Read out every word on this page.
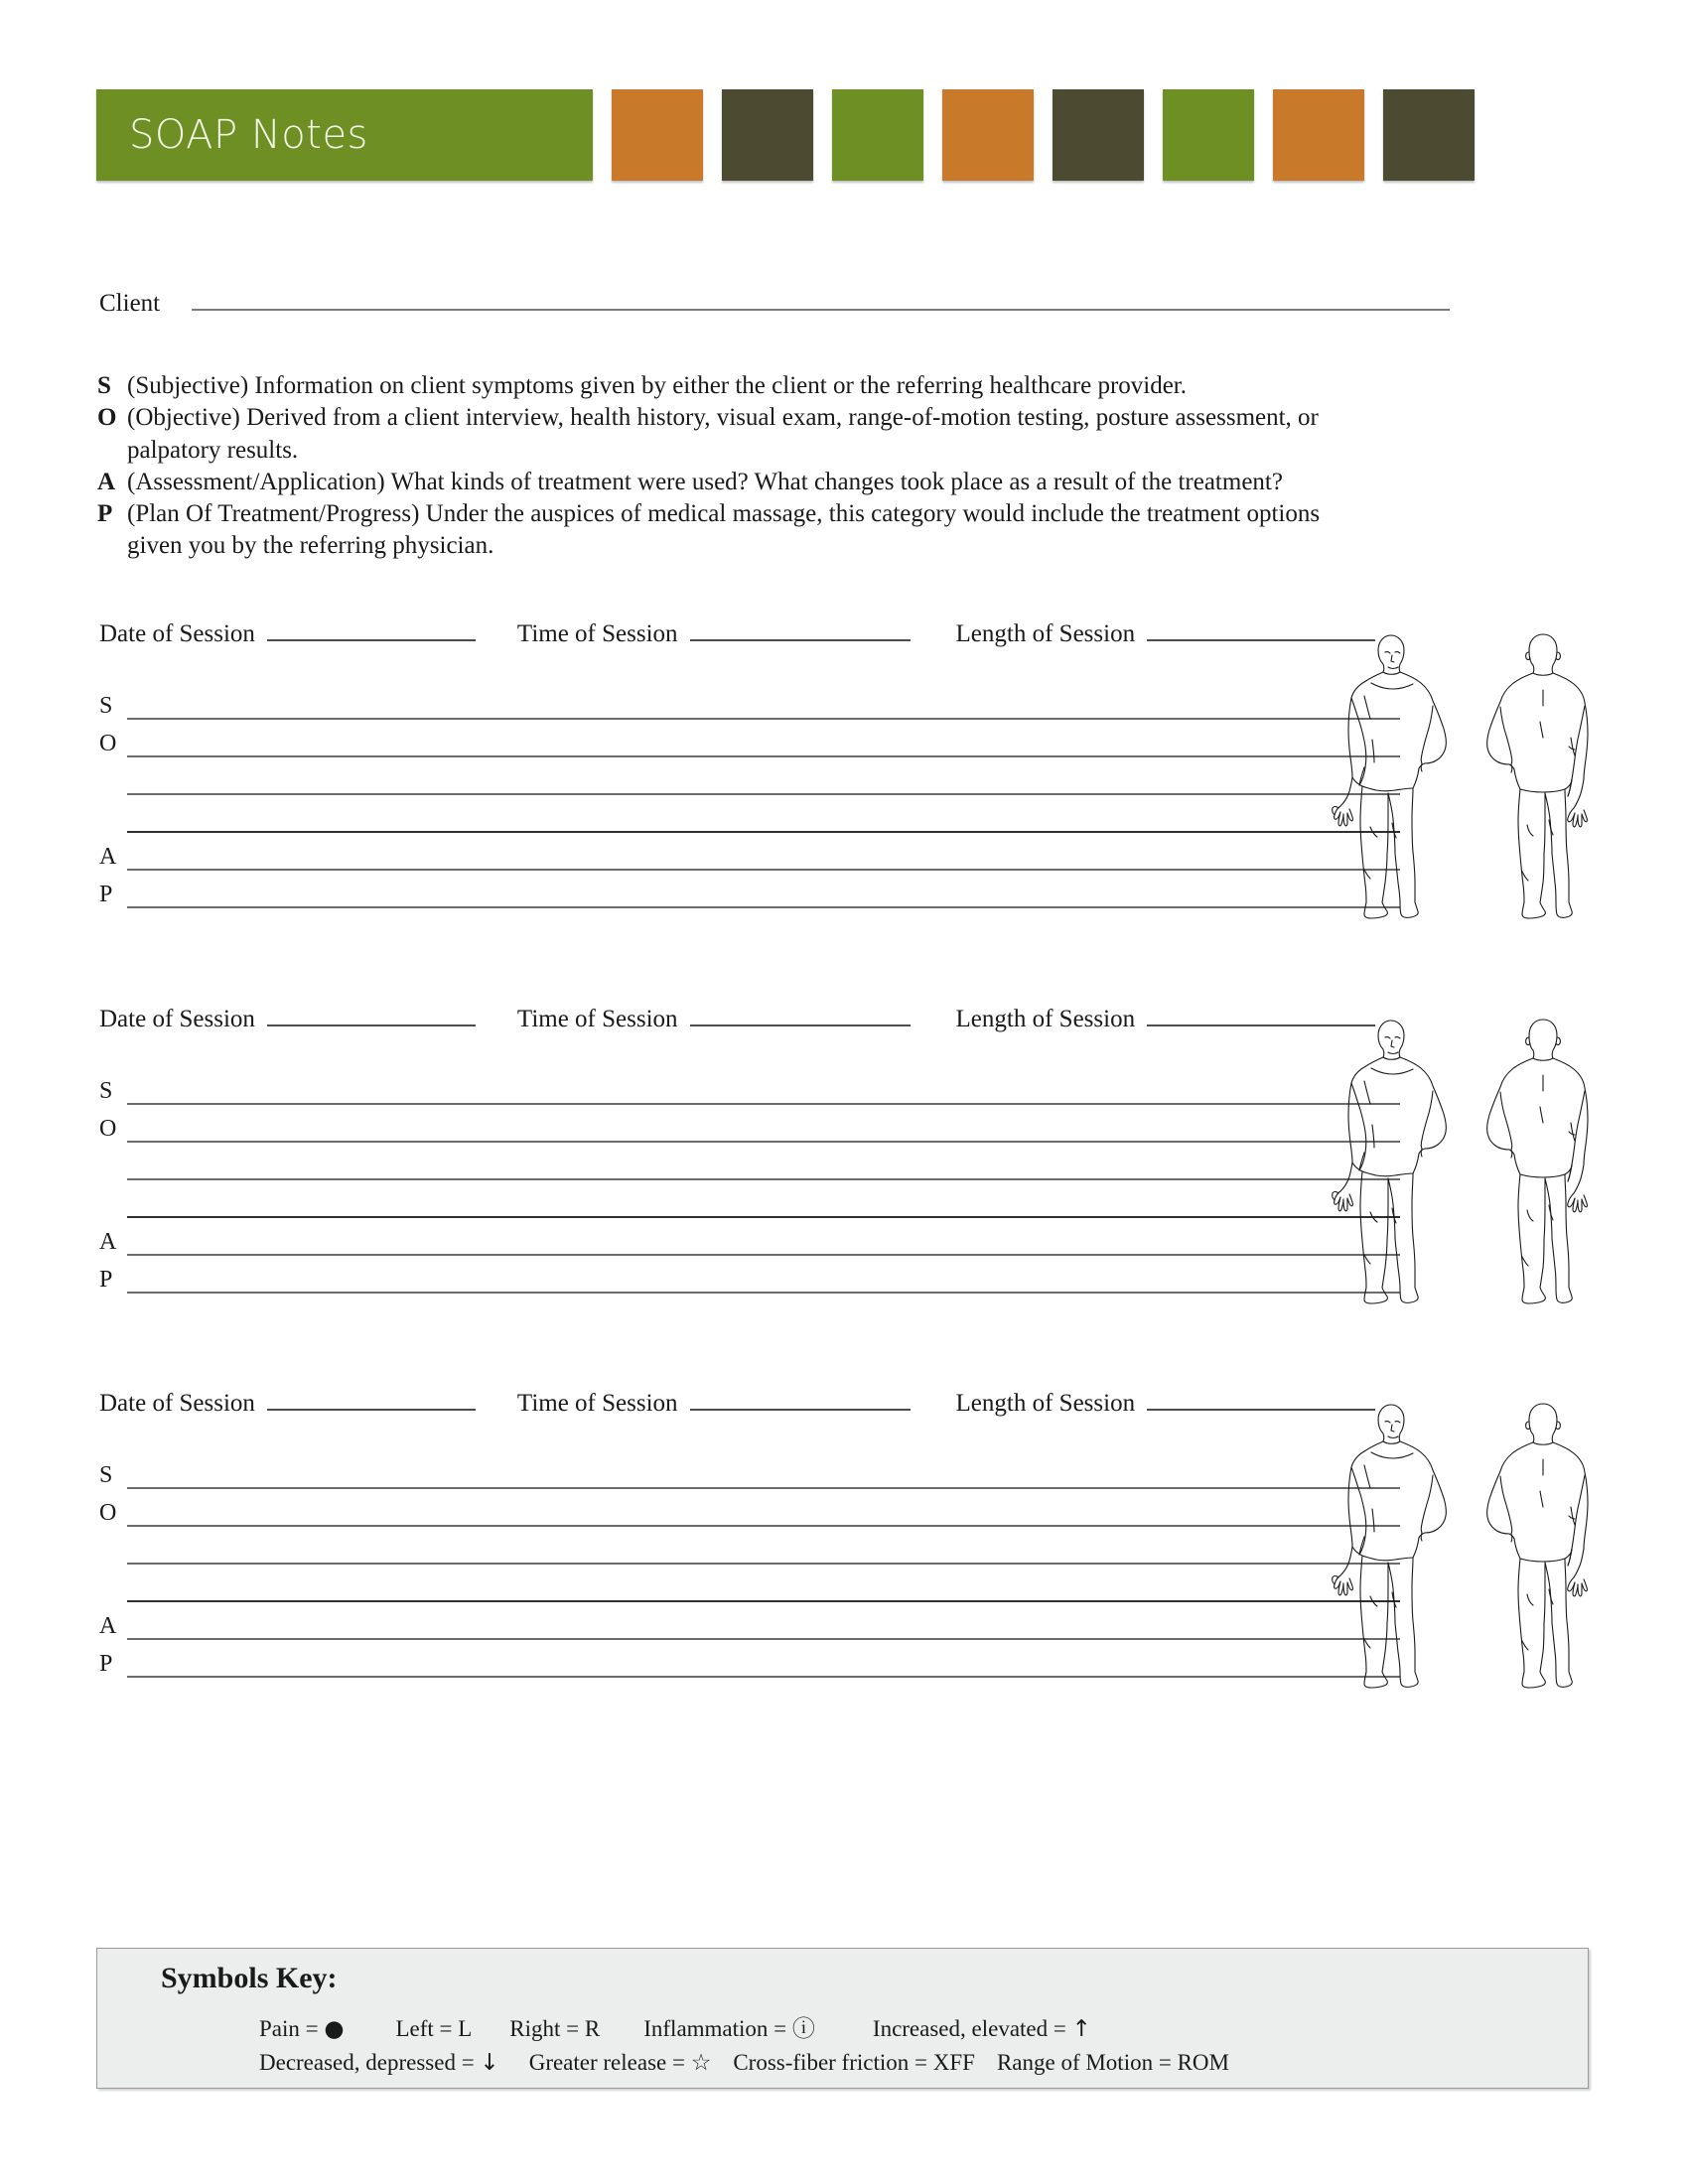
SOAP Notes
Client
S (Subjective) Information on client symptoms given by either the client or the referring healthcare provider.
O (Objective) Derived from a client interview, health history, visual exam, range-of-motion testing, posture assessment, or
palpatory results.
A (Assessment/Application) What kinds of treatment were used? What changes took place as a result of the treatment?
P (Plan Of Treatment/Progress) Under the auspices of medical massage, this category would include the treatment options
given you by the referring physician.
Date of Session	Time of Session	Length of Session
S
O
A
P
Date of Session	Time of Session	Length of Session
S
O
A
P
Date of Session	Time of Session	Length of Session
S
O
A
P
Symbols Key:
Pain = ● Left = L Right = R Inflammation = ⓘ	Increased, elevated = ↑
Decreased, depressed = ↓ Greater release = ☆ Cross-fiber friction = XFF Range of Motion = ROM
